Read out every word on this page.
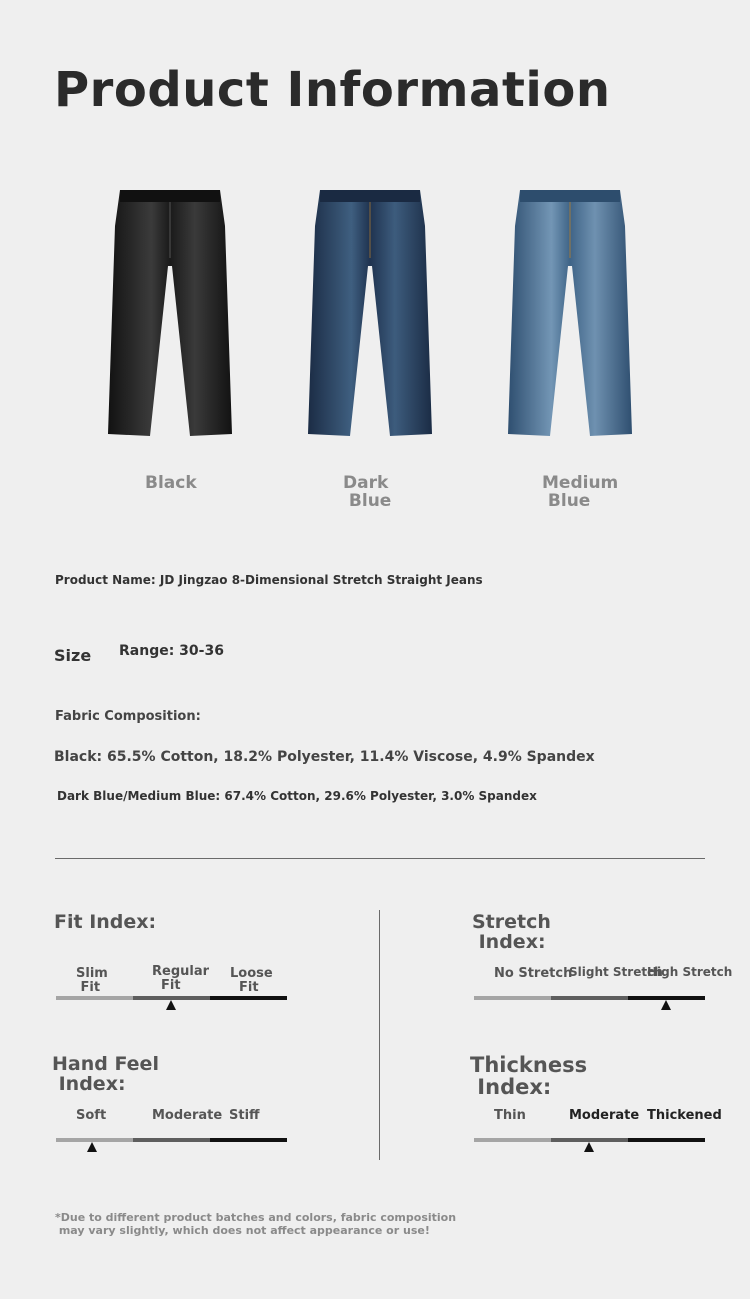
Product Information
Black	Dark
Blue
Medium
Blue
Product Name: JD Jingzao 8-Dimensional Stretch Straight Jeans
Size Range: 30-36
Fabric Composition:
Black: 65.5% Cotton, 18.2% Polyester, 11.4% Viscose, 4.9% Spandex
Dark Blue/Medium Blue: 67.4% Cotton, 29.6% Polyester, 3.0% Spandex
Fit Index:
Slim
Fit
Regular
Fit
Loose
Fit
Stretch
Index:
No Stretch
Slight Stretch
High Stretch
Hand Feel
Index:
Soft	Moderate Stiff
Thickness
Index:
Thin	Moderate Thickened
*Due to different product batches and colors, fabric composition
may vary slightly, which does not affect appearance or use!
